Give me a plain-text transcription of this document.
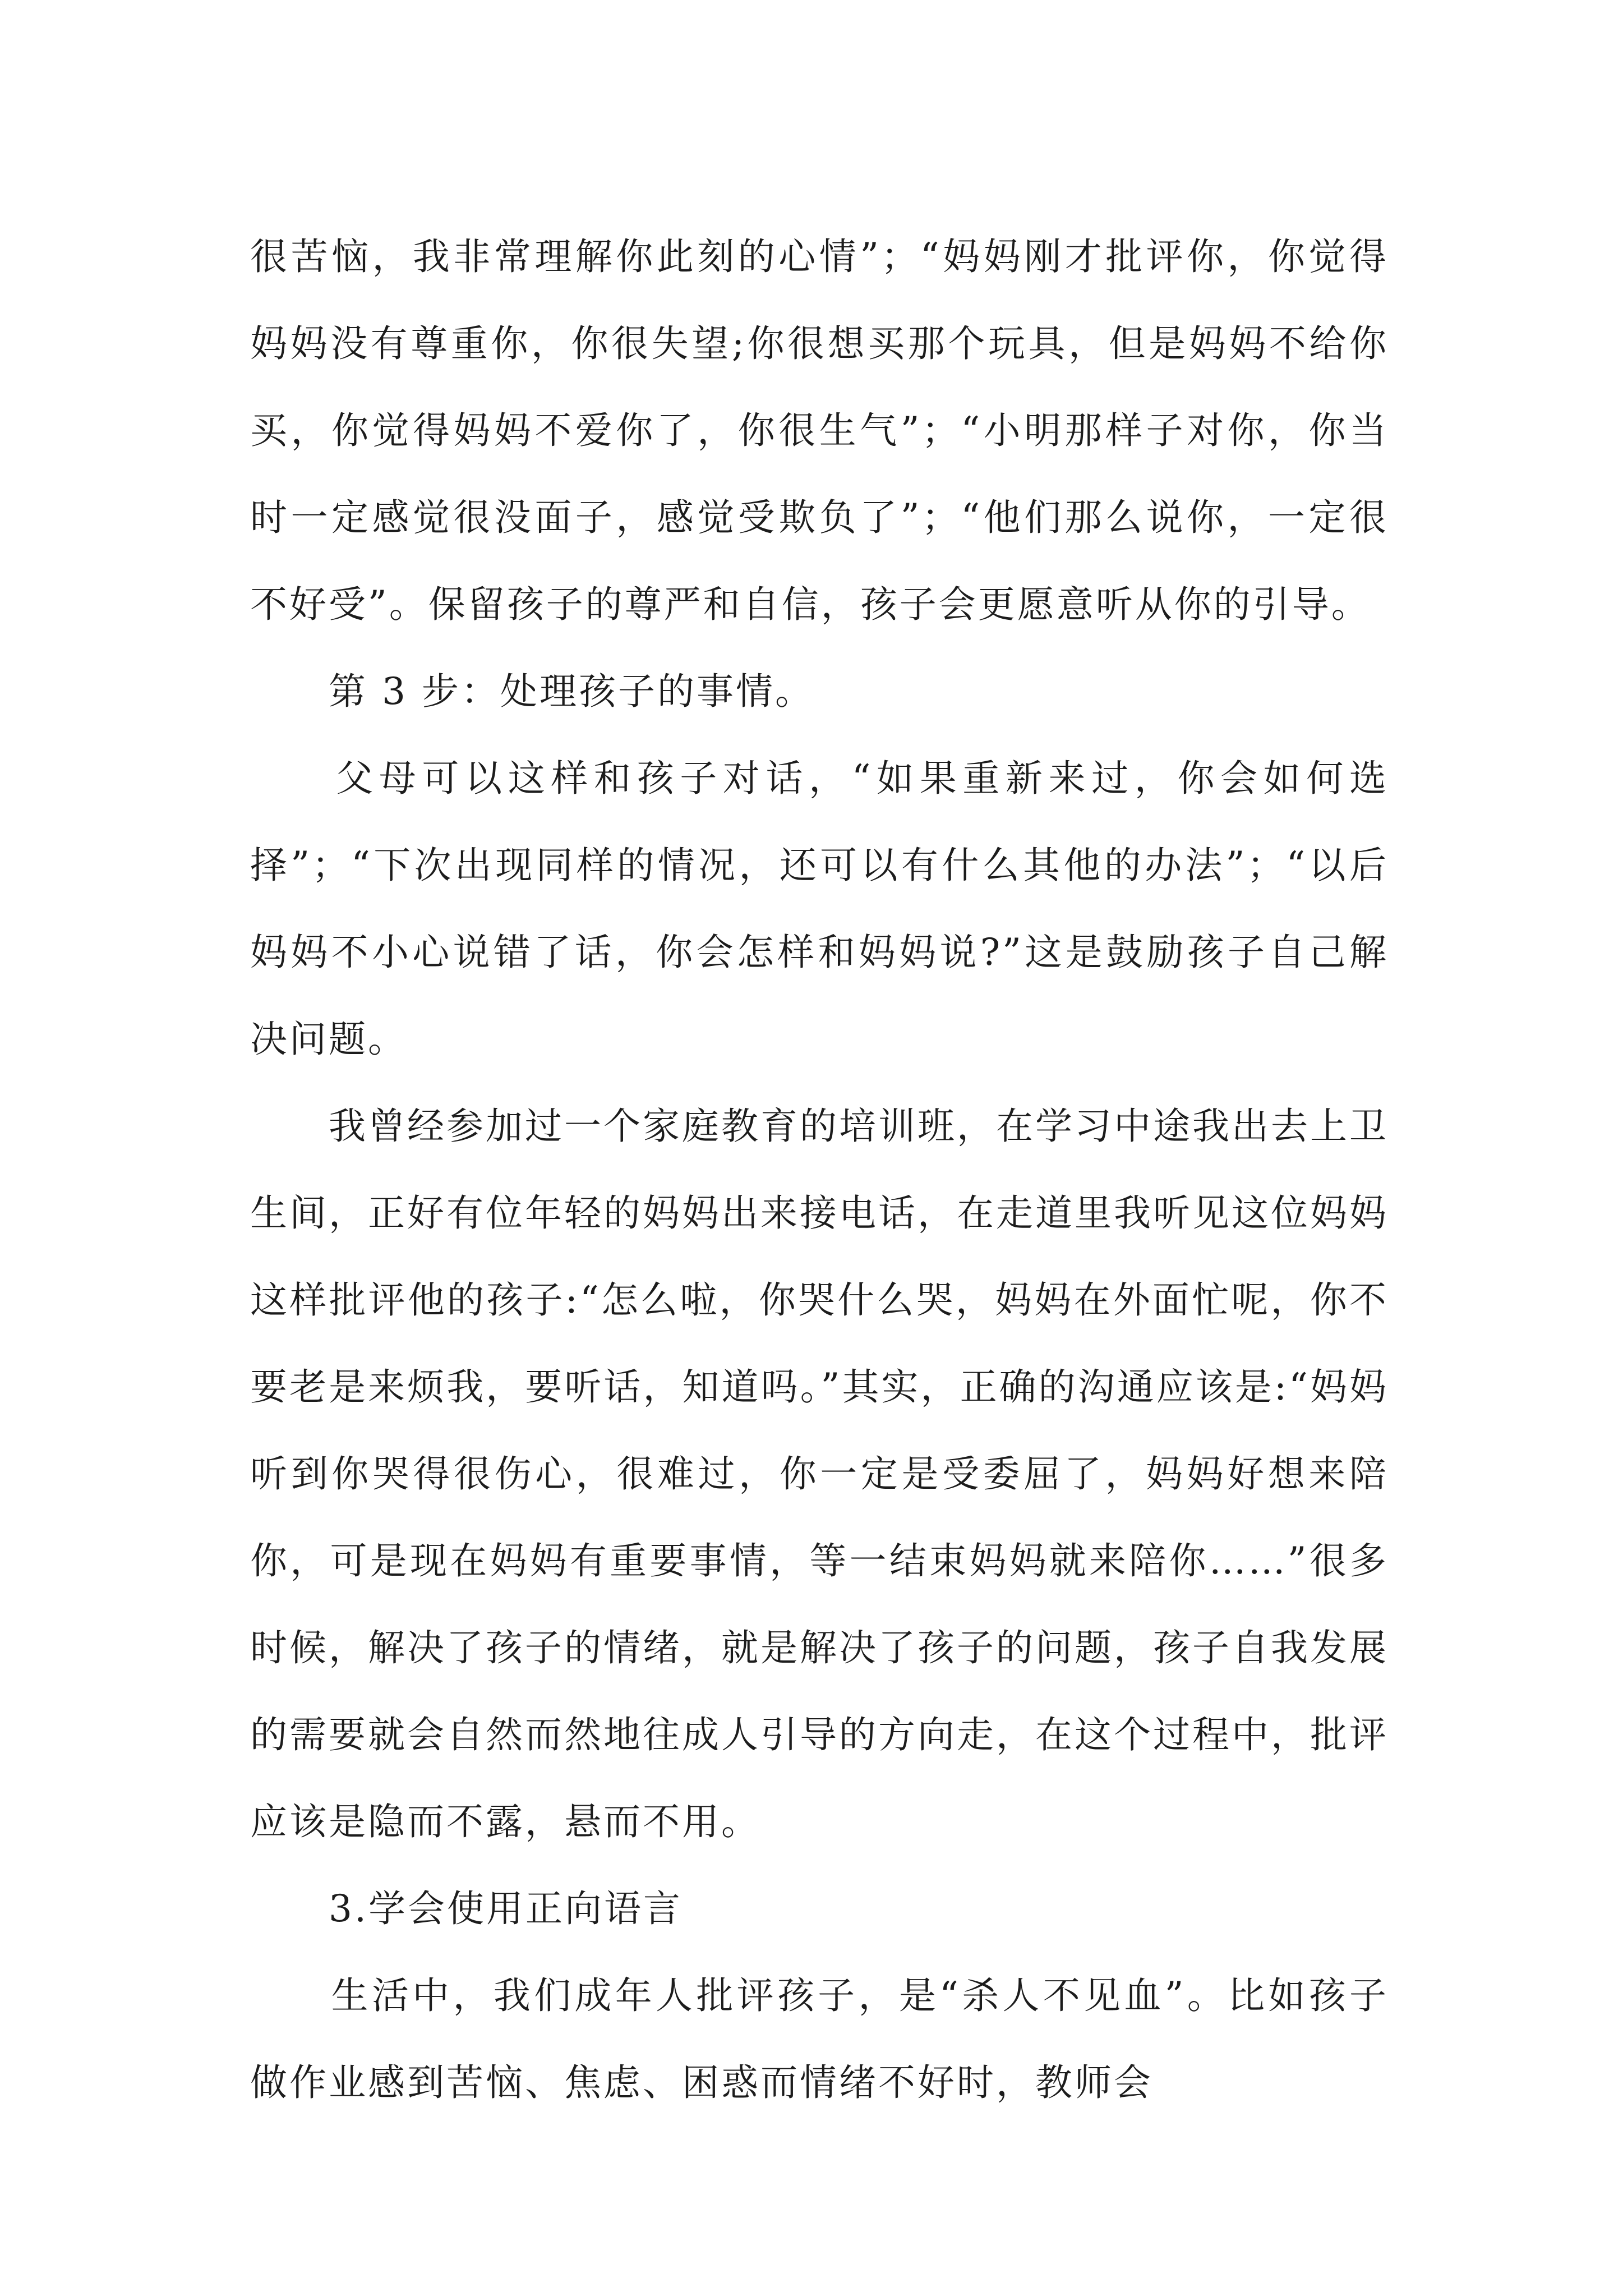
很苦恼，我非常理解你此刻的心情”；“妈妈刚才批评你，你觉得妈妈没有尊重你，你很失望;你很想买那个玩具，但是妈妈不给你买，你觉得妈妈不爱你了，你很生气”；“小明那样子对你，你当时一定感觉很没面子，感觉受欺负了”；“他们那么说你，一定很不好受”。保留孩子的尊严和自信，孩子会更愿意听从你的引导。

　　第 3 步：处理孩子的事情。

　　父母可以这样和孩子对话，“如果重新来过，你会如何选择”；“下次出现同样的情况，还可以有什么其他的办法”；“以后妈妈不小心说错了话，你会怎样和妈妈说?”这是鼓励孩子自己解决问题。

　　我曾经参加过一个家庭教育的培训班，在学习中途我出去上卫生间，正好有位年轻的妈妈出来接电话，在走道里我听见这位妈妈这样批评他的孩子:“怎么啦，你哭什么哭，妈妈在外面忙呢，你不要老是来烦我，要听话，知道吗。”其实，正确的沟通应该是:“妈妈听到你哭得很伤心，很难过，你一定是受委屈了，妈妈好想来陪你，可是现在妈妈有重要事情，等一结束妈妈就来陪你……”很多时候，解决了孩子的情绪，就是解决了孩子的问题，孩子自我发展的需要就会自然而然地往成人引导的方向走，在这个过程中，批评应该是隐而不露，悬而不用。

　　3.学会使用正向语言

　　生活中，我们成年人批评孩子，是“杀人不见血”。比如孩子做作业感到苦恼、焦虑、困惑而情绪不好时，教师会
